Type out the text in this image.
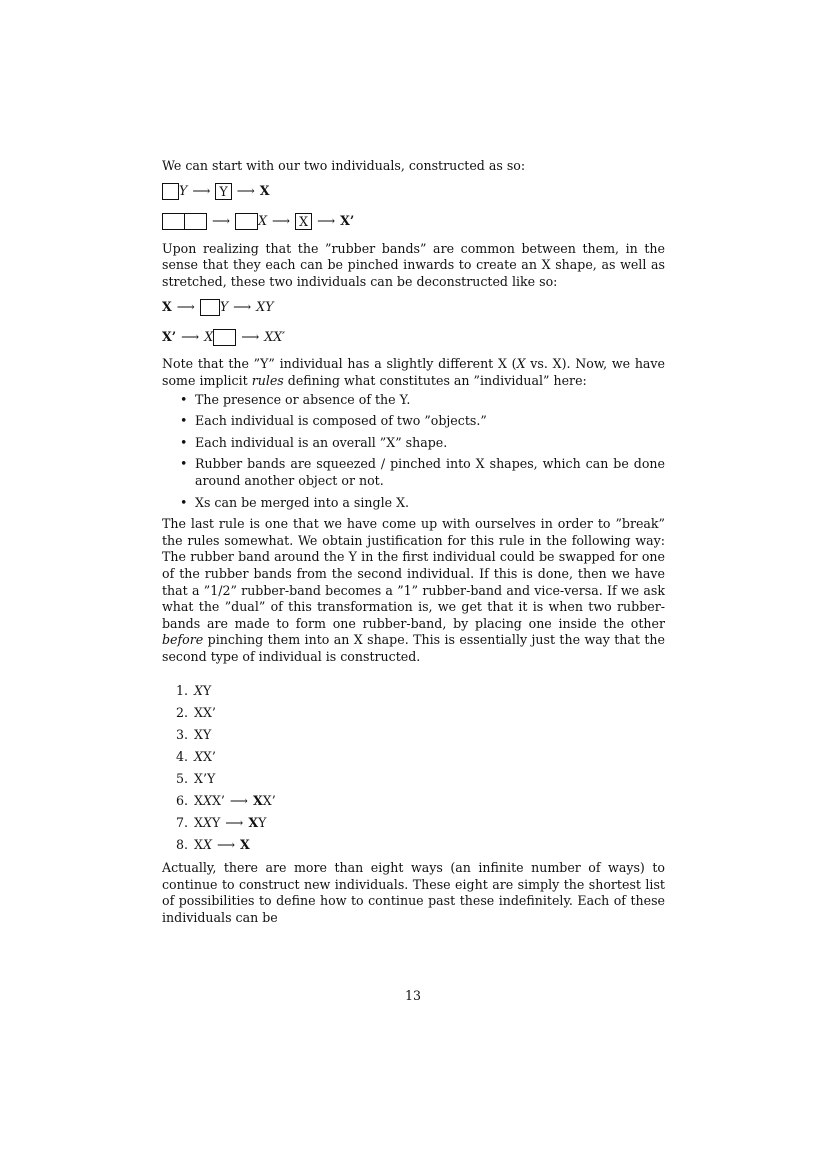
We can start with our two individuals, constructed as so:

Y ⟶ Y ⟶ X
⟶ X ⟶ X ⟶ X’

Upon realizing that the ”rubber bands” are common between them, in the sense that they each can be pinched inwards to create an X shape, as well as stretched, these two individuals can be deconstructed like so:

X ⟶ Y ⟶ XY
X’ ⟶ X ⟶ XX′

Note that the ”Y” individual has a slightly different X (X vs. X). Now, we have some implicit rules defining what constitutes an ”individual” here:

• The presence or absence of the Y.
• Each individual is composed of two ”objects.”
• Each individual is an overall ”X” shape.
• Rubber bands are squeezed / pinched into X shapes, which can be done around another object or not.
• Xs can be merged into a single X.

The last rule is one that we have come up with ourselves in order to ”break” the rules somewhat. We obtain justification for this rule in the following way: The rubber band around the Y in the first individual could be swapped for one of the rubber bands from the second individual. If this is done, then we have that a ”1/2” rubber-band becomes a ”1” rubber-band and vice-versa. If we ask what the ”dual” of this transformation is, we get that it is when two rubber-bands are made to form one rubber-band, by placing one inside the other before pinching them into an X shape. This is essentially just the way that the second type of individual is constructed.

1. XY
2. XX’
3. XY
4. XX’
5. X’Y
6. XXX’ ⟶ XX’
7. XXY ⟶ XY
8. XX ⟶ X

Actually, there are more than eight ways (an infinite number of ways) to continue to construct new individuals. These eight are simply the shortest list of possibilities to define how to continue past these indefinitely. Each of these individuals can be

13
